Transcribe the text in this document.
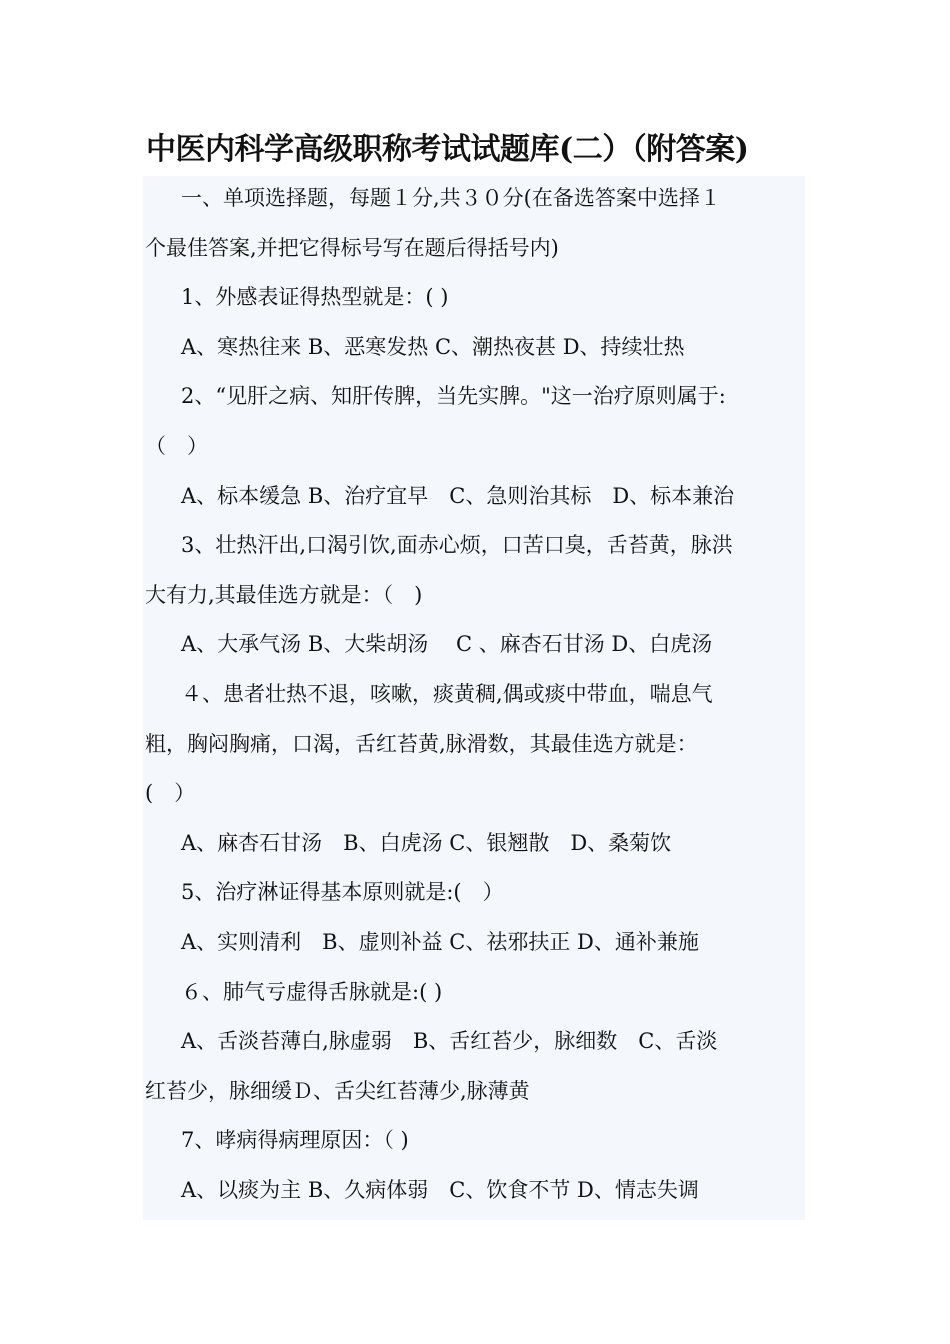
中医内科学高级职称考试试题库(二）（附答案)
一、单项选择题，每题１分,共３０分(在备选答案中选择１
个最佳答案,并把它得标号写在题后得括号内)
1、外感表证得热型就是：( )
A、寒热往来 B、恶寒发热 C、潮热夜甚 D、持续壮热
2、“见肝之病、知肝传脾，当先实脾。"这一治疗原则属于:
（　）
A、标本缓急 B、治疗宜早　C、急则治其标　D、标本兼治
3、壮热汗出,口渴引饮,面赤心烦，口苦口臭，舌苔黄，脉洪
大有力,其最佳选方就是：（　)
A、大承气汤 B、大柴胡汤　 C 、麻杏石甘汤 D、白虎汤
４、患者壮热不退，咳嗽，痰黄稠,偶或痰中带血，喘息气
粗，胸闷胸痛，口渴，舌红苔黄,脉滑数，其最佳选方就是：
(　）
A、麻杏石甘汤　B、白虎汤 C、银翘散　D、桑菊饮
5、治疗淋证得基本原则就是:(　）
A、实则清利　B、虚则补益 C、祛邪扶正 D、通补兼施
６、肺气亏虚得舌脉就是:( )
A、舌淡苔薄白,脉虚弱　B、舌红苔少，脉细数　C、舌淡
红苔少，脉细缓Ｄ、舌尖红苔薄少,脉薄黄
7、哮病得病理原因：（ )
A、以痰为主 B、久病体弱　C、饮食不节 D、情志失调
